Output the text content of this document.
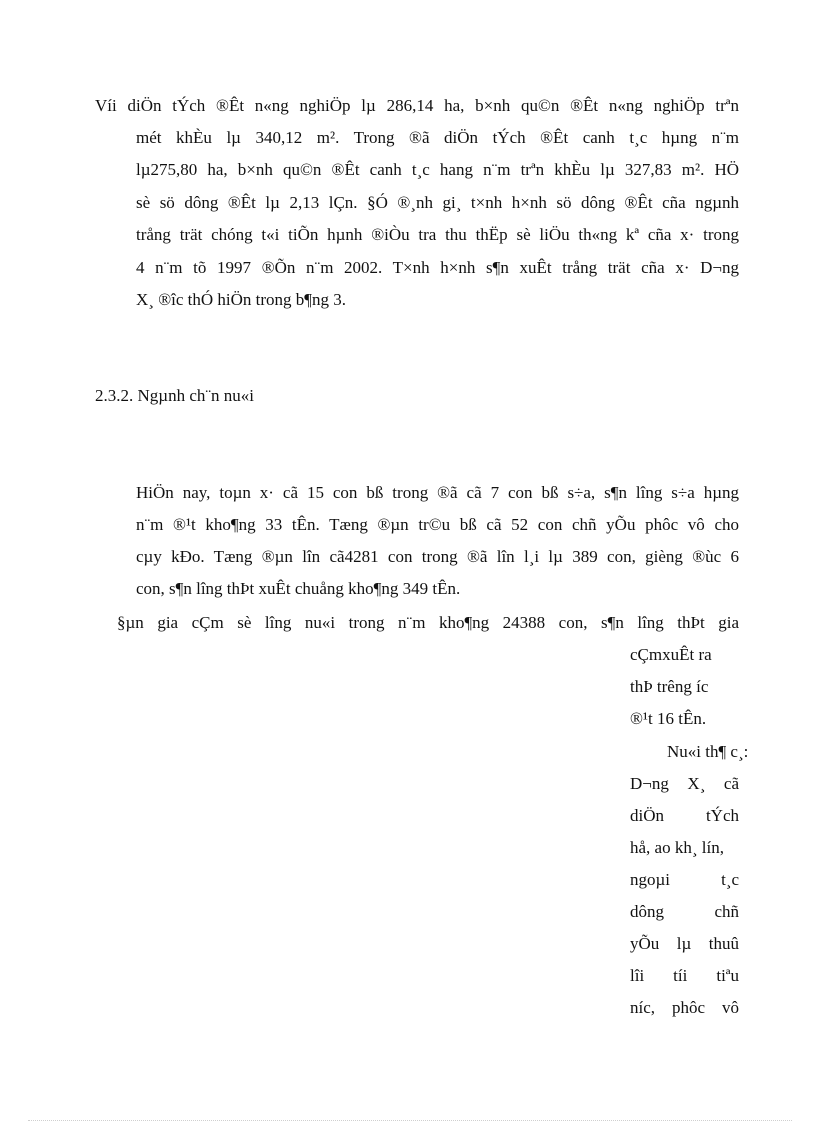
Víi diÖn tÝch ®Êt n«ng nghiÖp lµ 286,14 ha, b×nh qu©n ®Êt n«ng nghiÖp trªn
mét khÈu lµ 340,12 m². Trong ®ã diÖn tÝch ®Êt canh t¸c hµng n¨m
lµ275,80 ha, b×nh qu©n ®Êt canh t¸c hang n¨m trªn khÈu lµ 327,83 m². HÖ
sè sö dông ®Êt lµ 2,13 lÇn. §Ó ®¸nh gi¸ t×nh h×nh sö dông ®Êt cña ngµnh
trång trät chóng t«i tiÕn hµnh ®iÒu tra thu thËp sè liÖu th«ng kª cña x· trong
4 n¨m tõ 1997 ®Õn n¨m 2002. T×nh h×nh s¶n xuÊt trång trät cña x· D¬ng
X¸ ®îc thÓ hiÖn trong b¶ng 3.
2.3.2. Ngµnh ch¨n nu«i
HiÖn nay, toµn x· cã 15 con bß trong ®ã cã 7 con bß s÷a, s¶n lîng s÷a hµng
n¨m ®¹t kho¶ng 33 tÊn. Tæng ®µn tr©u bß cã 52 con chñ yÕu phôc vô cho
cµy kÐo. Tæng ®µn lîn cã4281 con trong ®ã lîn l¸i lµ 389 con, gièng ®ùc 6
con, s¶n lîng thÞt xuÊt chuång kho¶ng 349 tÊn.
§µn gia cÇm sè lîng nu«i trong n¨m kho¶ng 24388 con, s¶n lîng thÞt gia
cÇmxuÊt ra
thÞ trêng íc
®¹t 16 tÊn.
Nu«i th¶ c¸:
D¬ng X¸ cã
diÖn tÝch
hå, ao kh¸ lín,
ngoµi t¸c
dông chñ
yÕu lµ thuû
lîi tíi tiªu
níc, phôc vô
